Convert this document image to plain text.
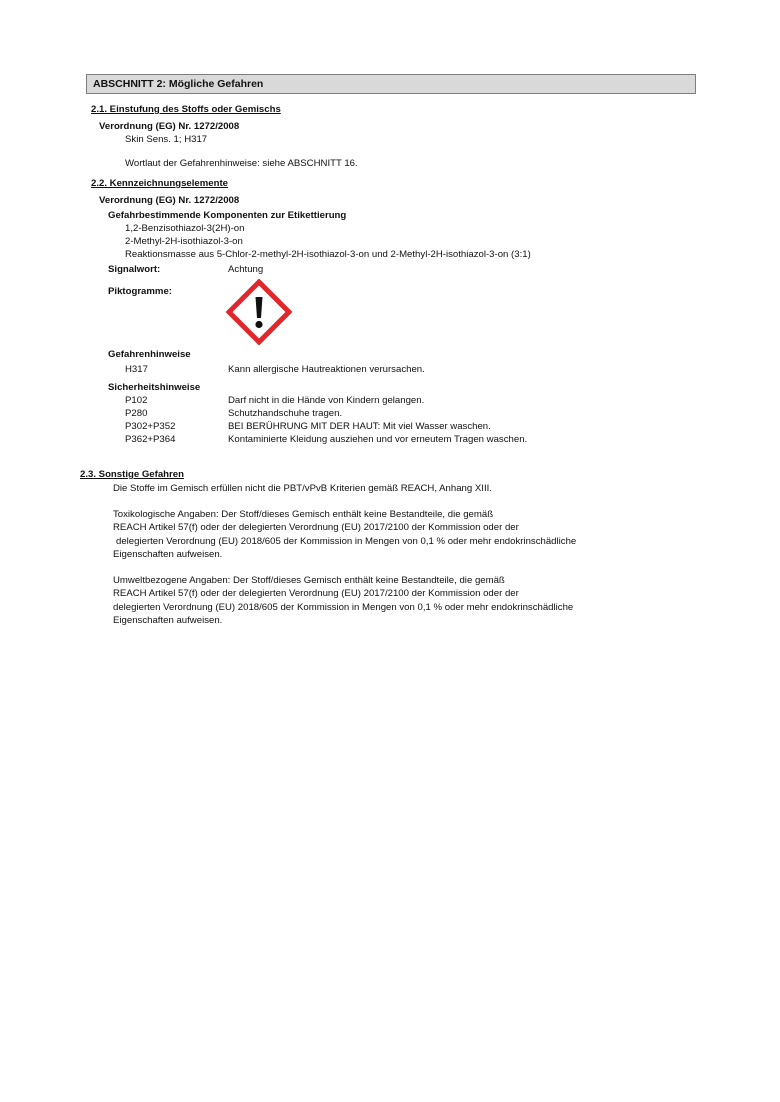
ABSCHNITT 2: Mögliche Gefahren
2.1. Einstufung des Stoffs oder Gemischs
Verordnung (EG) Nr. 1272/2008
Skin Sens. 1; H317
Wortlaut der Gefahrenhinweise: siehe ABSCHNITT 16.
2.2. Kennzeichnungselemente
Verordnung (EG) Nr. 1272/2008
Gefahrbestimmende Komponenten zur Etikettierung
1,2-Benzisothiazol-3(2H)-on
2-Methyl-2H-isothiazol-3-on
Reaktionsmasse aus 5-Chlor-2-methyl-2H-isothiazol-3-on und 2-Methyl-2H-isothiazol-3-on (3:1)
Signalwort:	Achtung
Piktogramme:
Gefahrenhinweise
H317	Kann allergische Hautreaktionen verursachen.
Sicherheitshinweise
P102	Darf nicht in die Hände von Kindern gelangen.
P280	Schutzhandschuhe tragen.
P302+P352	BEI BERÜHRUNG MIT DER HAUT: Mit viel Wasser waschen.
P362+P364	Kontaminierte Kleidung ausziehen und vor erneutem Tragen waschen.
2.3. Sonstige Gefahren
Die Stoffe im Gemisch erfüllen nicht die PBT/vPvB Kriterien gemäß REACH, Anhang XIII.
Toxikologische Angaben: Der Stoff/dieses Gemisch enthält keine Bestandteile, die gemäß
REACH Artikel 57(f) oder der delegierten Verordnung (EU) 2017/2100 der Kommission oder der
delegierten Verordnung (EU) 2018/605 der Kommission in Mengen von 0,1 % oder mehr endokrinschädliche
Eigenschaften aufweisen.
Umweltbezogene Angaben: Der Stoff/dieses Gemisch enthält keine Bestandteile, die gemäß
REACH Artikel 57(f) oder der delegierten Verordnung (EU) 2017/2100 der Kommission oder der
delegierten Verordnung (EU) 2018/605 der Kommission in Mengen von 0,1 % oder mehr endokrinschädliche
Eigenschaften aufweisen.
